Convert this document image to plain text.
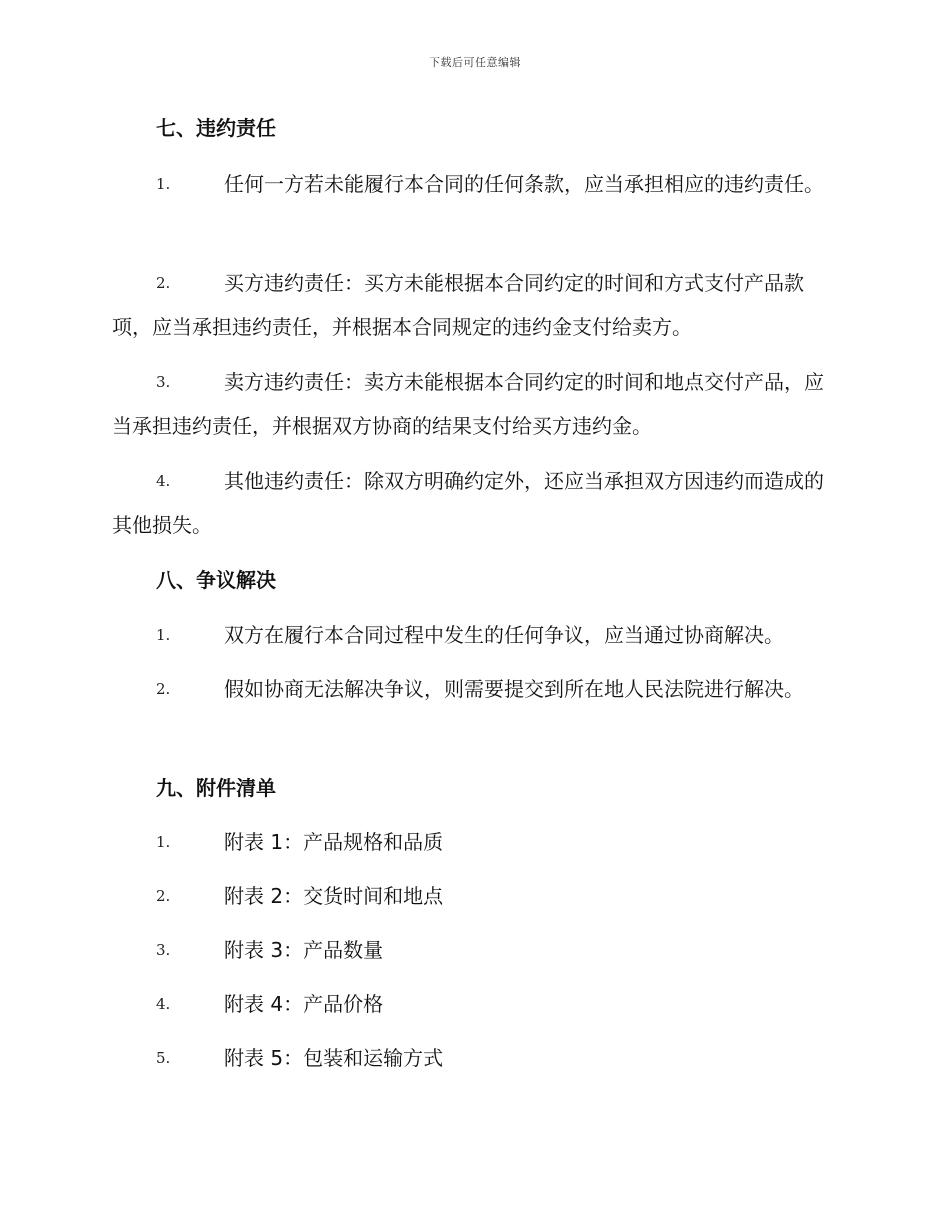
下载后可任意编辑
七、违约责任
1.	任何一方若未能履行本合同的任何条款，应当承担相应的违约责任。
2.	买方违约责任：买方未能根据本合同约定的时间和方式支付产品款项，应当承担违约责任，并根据本合同规定的违约金支付给卖方。
3.	卖方违约责任：卖方未能根据本合同约定的时间和地点交付产品，应当承担违约责任，并根据双方协商的结果支付给买方违约金。
4.	其他违约责任：除双方明确约定外，还应当承担双方因违约而造成的其他损失。
八、争议解决
1.	双方在履行本合同过程中发生的任何争议，应当通过协商解决。
2.	假如协商无法解决争议，则需要提交到所在地人民法院进行解决。
九、附件清单
1.	附表 1：产品规格和品质
2.	附表 2：交货时间和地点
3.	附表 3：产品数量
4.	附表 4：产品价格
5.	附表 5：包装和运输方式
